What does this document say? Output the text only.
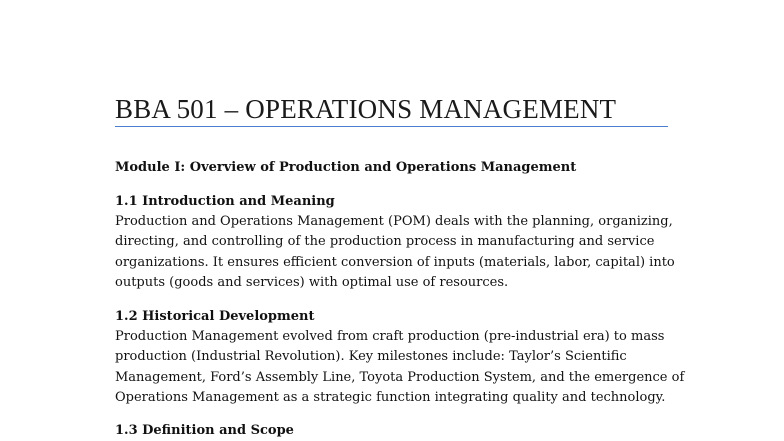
BBA 501 – OPERATIONS MANAGEMENT
Module I: Overview of Production and Operations Management
1.1 Introduction and Meaning

Production and Operations Management (POM) deals with the planning, organizing,
directing, and controlling of the production process in manufacturing and service
organizations. It ensures efficient conversion of inputs (materials, labor, capital) into
outputs (goods and services) with optimal use of resources.

1.2 Historical Development

Production Management evolved from craft production (pre-industrial era) to mass
production (Industrial Revolution). Key milestones include: Taylor’s Scientific
Management, Ford’s Assembly Line, Toyota Production System, and the emergence of
Operations Management as a strategic function integrating quality and technology.

1.3 Definition and Scope
